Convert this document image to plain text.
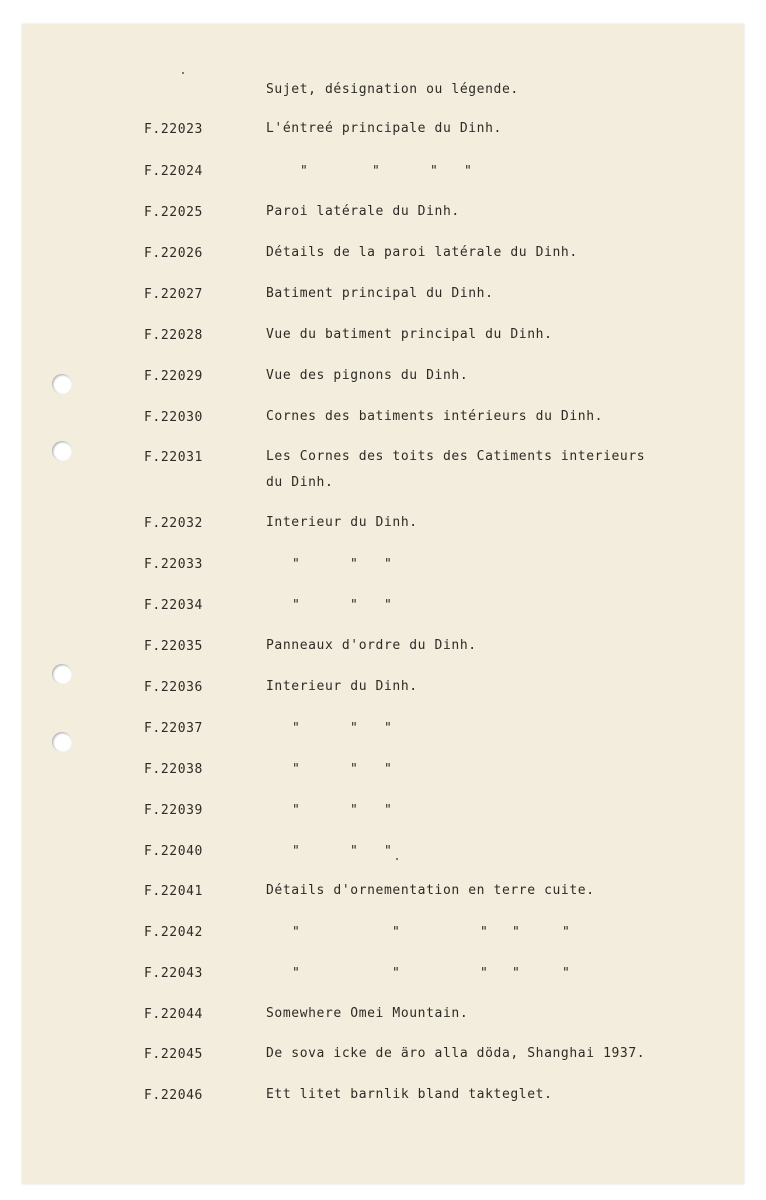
Sujet, désignation ou légende.
F.22023	L'éntreé principale du Dinh.
F.22024	"	"	" "
F.22025	Paroi latérale du Dinh.
F.22026	Détails de la paroi latérale du Dinh.
F.22027	Batiment principal du Dinh.
F.22028	Vue du batiment principal du Dinh.
F.22029	Vue des pignons du Dinh.
F.22030	Cornes des batiments intérieurs du Dinh.
F.22031	Les Cornes des toits des Catiments interieurs
du Dinh.
F.22032	Interieur du Dinh.
F.22033	"	" "
F.22034	"	" "
F.22035	Panneaux d'ordre du Dinh.
F.22036	Interieur du Dinh.
F.22037	"	" "
F.22038	"	" "
F.22039	"	" "
F.22040	"	" "
F.22041	Détails d'ornementation en terre cuite.
F.22042	"	"	" "	"
F.22043	"	"	" "	"
F.22044	Somewhere Omei Mountain.
F.22045	De sova icke de äro alla döda, Shanghai 1937.
F.22046	Ett litet barnlik bland takteglet.
